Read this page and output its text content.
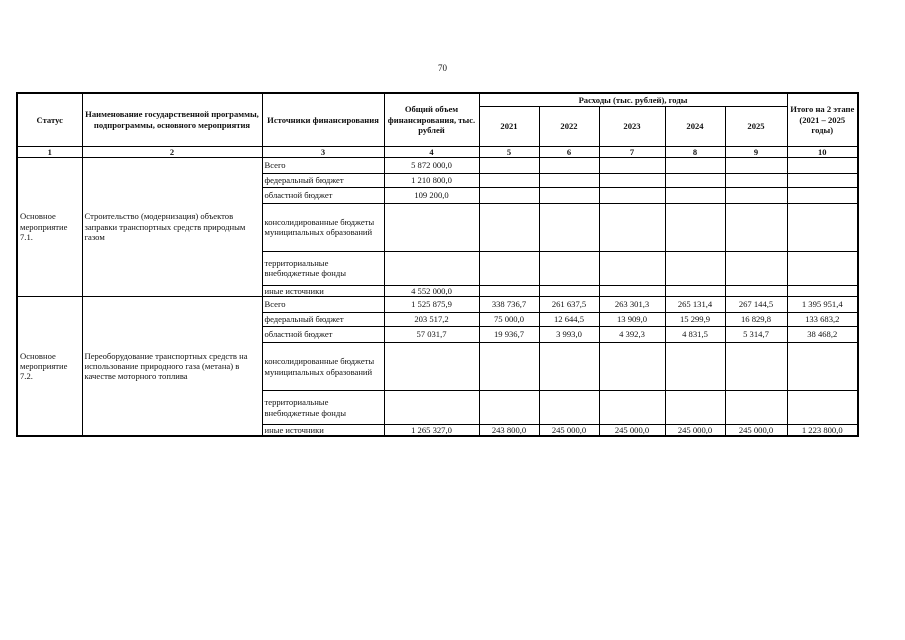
70
Статус	Наименование государственной программы, подпрограммы, основного мероприятия	Источники финансирования	Общий объем финансирования, тыс. рублей	Расходы (тыс. рублей), годы					Итого на 2 этапе (2021 – 2025 годы)
				2021	2022	2023	2024	2025	
1	2	3	4	5	6	7	8	9	10
Основное мероприятие 7.1.	Строительство (модернизация) объектов заправки транспортных средств природным газом	Всего	5 872 000,0						
		федеральный бюджет	1 210 800,0						
		областной бюджет	109 200,0						
		консолидированные бюджеты муниципальных образований							
		территориальные внебюджетные фонды							
		иные источники	4 552 000,0						
Основное мероприятие 7.2.	Переоборудование транспортных средств на использование природного газа (метана) в качестве моторного топлива	Всего	1 525 875,9	338 736,7	261 637,5	263 301,3	265 131,4	267 144,5	1 395 951,4
		федеральный бюджет	203 517,2	75 000,0	12 644,5	13 909,0	15 299,9	16 829,8	133 683,2
		областной бюджет	57 031,7	19 936,7	3 993,0	4 392,3	4 831,5	5 314,7	38 468,2
		консолидированные бюджеты муниципальных образований							
		территориальные внебюджетные фонды							
		иные источники	1 265 327,0	243 800,0	245 000,0	245 000,0	245 000,0	245 000,0	1 223 800,0
